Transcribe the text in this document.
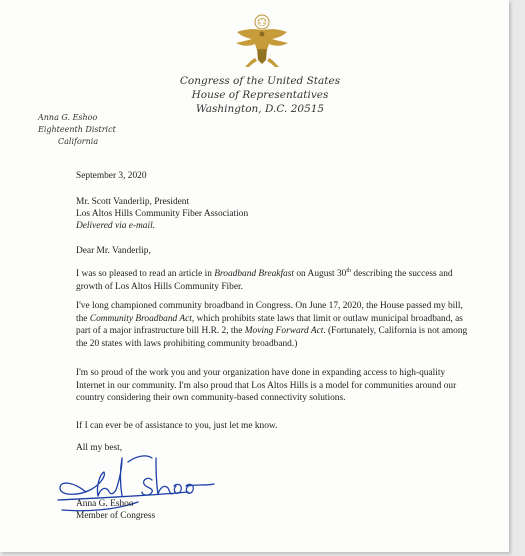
Congress of the United States
House of Representatives
Washington, D.C. 20515
Anna G. Eshoo
Eighteenth District
California
September 3, 2020
Mr. Scott Vanderlip, President
Los Altos Hills Community Fiber Association
Delivered via e-mail.
Dear Mr. Vanderlip,

I was so pleased to read an article in Broadband Breakfast on August 30th describing the success and growth of Los Altos Hills Community Fiber.

I've long championed community broadband in Congress. On June 17, 2020, the House passed my bill, the Community Broadband Act, which prohibits state laws that limit or outlaw municipal broadband, as part of a major infrastructure bill H.R. 2, the Moving Forward Act. (Fortunately, California is not among the 20 states with laws prohibiting community broadband.)

I'm so proud of the work you and your organization have done in expanding access to high-quality Internet in our community. I'm also proud that Los Altos Hills is a model for communities around our country considering their own community-based connectivity solutions.

If I can ever be of assistance to you, just let me know.

All my best,
Anna G. Eshoo
Member of Congress
